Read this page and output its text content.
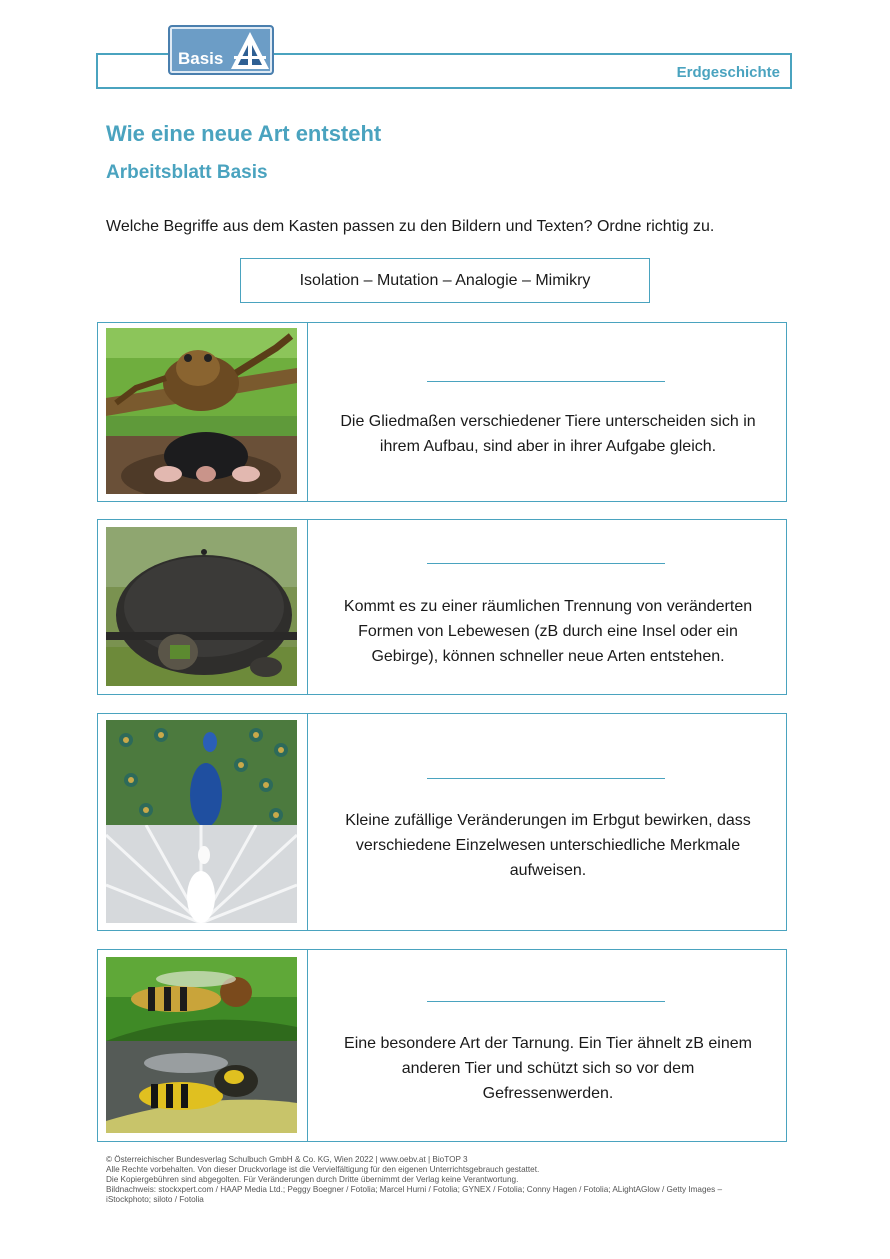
Erdgeschichte
Basis
Wie eine neue Art entsteht
Arbeitsblatt Basis

Welche Begriffe aus dem Kasten passen zu den Bildern und Texten? Ordne richtig zu.

Isolation – Mutation – Analogie – Mimikry
Die Gliedmaßen verschiedener Tiere unterscheiden sich in
ihrem Aufbau, sind aber in ihrer Aufgabe gleich.
Kommt es zu einer räumlichen Trennung von veränderten
Formen von Lebewesen (zB durch eine Insel oder ein
Gebirge), können schneller neue Arten entstehen.
Kleine zufällige Veränderungen im Erbgut bewirken, dass
verschiedene Einzelwesen unterschiedliche Merkmale
aufweisen.
Eine besondere Art der Tarnung. Ein Tier ähnelt zB einem
anderen Tier und schützt sich so vor dem
Gefressenwerden.
© Österreichischer Bundesverlag Schulbuch GmbH & Co. KG, Wien 2022 | www.oebv.at | BioTOP 3
Alle Rechte vorbehalten. Von dieser Druckvorlage ist die Vervielfältigung für den eigenen Unterrichtsgebrauch gestattet.
Die Kopiergebühren sind abgegolten. Für Veränderungen durch Dritte übernimmt der Verlag keine Verantwortung.
Bildnachweis: stockxpert.com / HAAP Media Ltd.; Peggy Boegner / Fotolia; Marcel Hurni / Fotolia; GYNEX / Fotolia; Conny Hagen / Fotolia; ALightAGlow / Getty Images –
iStockphoto; siloto / Fotolia
